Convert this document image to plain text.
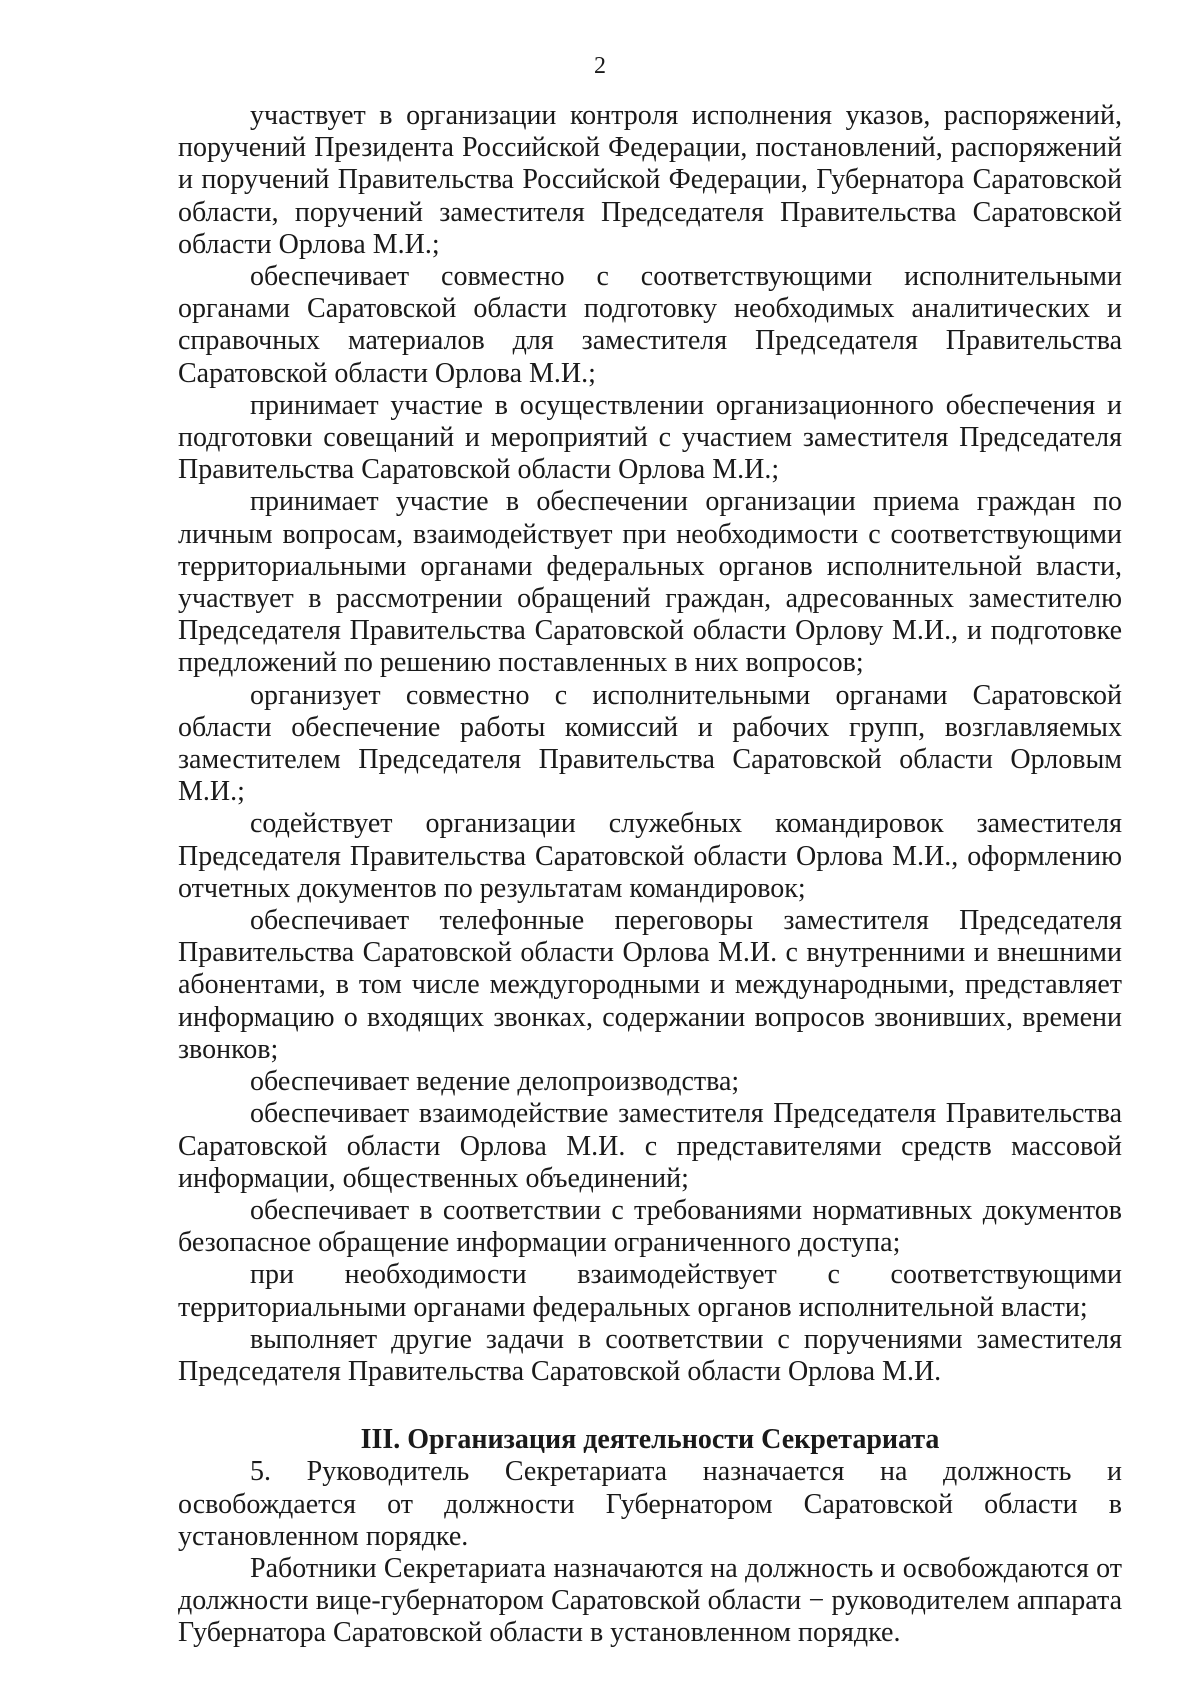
2

участвует в организации контроля исполнения указов, распоряжений, поручений Президента Российской Федерации, постановлений, распоряжений и поручений Правительства Российской Федерации, Губернатора Саратовской области, поручений заместителя Председателя Правительства Саратовской области Орлова М.И.;

обеспечивает совместно с соответствующими исполнительными органами Саратовской области подготовку необходимых аналитических и справочных материалов для заместителя Председателя Правительства Саратовской области Орлова М.И.;

принимает участие в осуществлении организационного обеспечения и подготовки совещаний и мероприятий с участием заместителя Председателя Правительства Саратовской области Орлова М.И.;

принимает участие в обеспечении организации приема граждан по личным вопросам, взаимодействует при необходимости с соответствующими территориальными органами федеральных органов исполнительной власти, участвует в рассмотрении обращений граждан, адресованных заместителю Председателя Правительства Саратовской области Орлову М.И., и подготовке предложений по решению поставленных в них вопросов;

организует совместно с исполнительными органами Саратовской области обеспечение работы комиссий и рабочих групп, возглавляемых заместителем Председателя Правительства Саратовской области Орловым М.И.;

содействует организации служебных командировок заместителя Председателя Правительства Саратовской области Орлова М.И., оформлению отчетных документов по результатам командировок;

обеспечивает телефонные переговоры заместителя Председателя Правительства Саратовской области Орлова М.И. с внутренними и внешними абонентами, в том числе междугородными и международными, представляет информацию о входящих звонках, содержании вопросов звонивших, времени звонков;

обеспечивает ведение делопроизводства;

обеспечивает взаимодействие заместителя Председателя Правительства Саратовской области Орлова М.И. с представителями средств массовой информации, общественных объединений;

обеспечивает в соответствии с требованиями нормативных документов безопасное обращение информации ограниченного доступа;

при необходимости взаимодействует с соответствующими территориальными органами федеральных органов исполнительной власти;

выполняет другие задачи в соответствии с поручениями заместителя Председателя Правительства Саратовской области Орлова М.И.

III. Организация деятельности Секретариата

5. Руководитель Секретариата назначается на должность и освобождается от должности Губернатором Саратовской области в установленном порядке.

Работники Секретариата назначаются на должность и освобождаются от должности вице-губернатором Саратовской области − руководителем аппарата Губернатора Саратовской области в установленном порядке.
